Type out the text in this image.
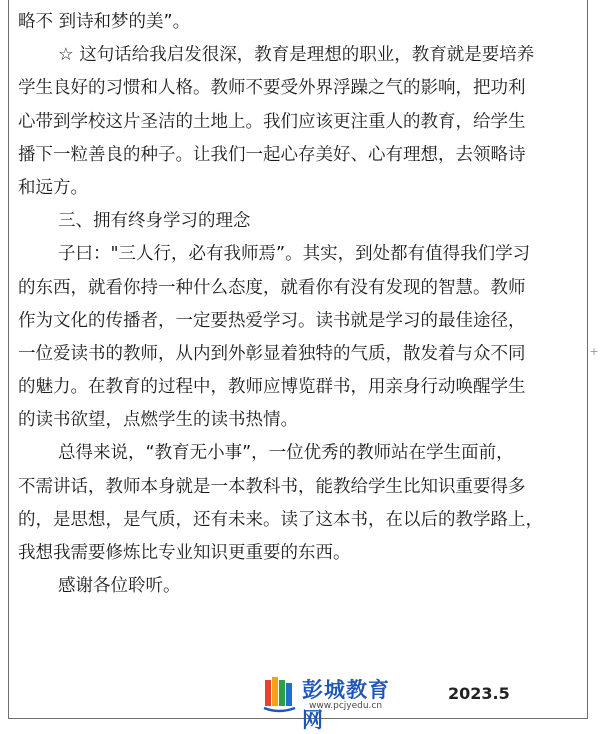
略不 到诗和梦的美”。
☆ 这句话给我启发很深，教育是理想的职业，教育就是要培养
学生良好的习惯和人格。教师不要受外界浮躁之气的影响，把功利
心带到学校这片圣洁的土地上。我们应该更注重人的教育，给学生
播下一粒善良的种子。让我们一起心存美好、心有理想，去领略诗
和远方。
三、拥有终身学习的理念
子曰："三人行，必有我师焉”。其实，到处都有值得我们学习
的东西，就看你持一种什么态度，就看你有没有发现的智慧。教师
作为文化的传播者，一定要热爱学习。读书就是学习的最佳途径，
一位爱读书的教师，从内到外彰显着独特的气质，散发着与众不同
的魅力。在教育的过程中，教师应博览群书，用亲身行动唤醒学生
的读书欲望，点燃学生的读书热情。
总得来说，“教育无小事”，一位优秀的教师站在学生面前，
不需讲话，教师本身就是一本教科书，能教给学生比知识重要得多
的，是思想，是气质，还有未来。读了这本书，在以后的教学路上，
我想我需要修炼比专业知识更重要的东西。
感谢各位聆听。
+
彭城教育网
www.pcjyedu.cn
2023.5
